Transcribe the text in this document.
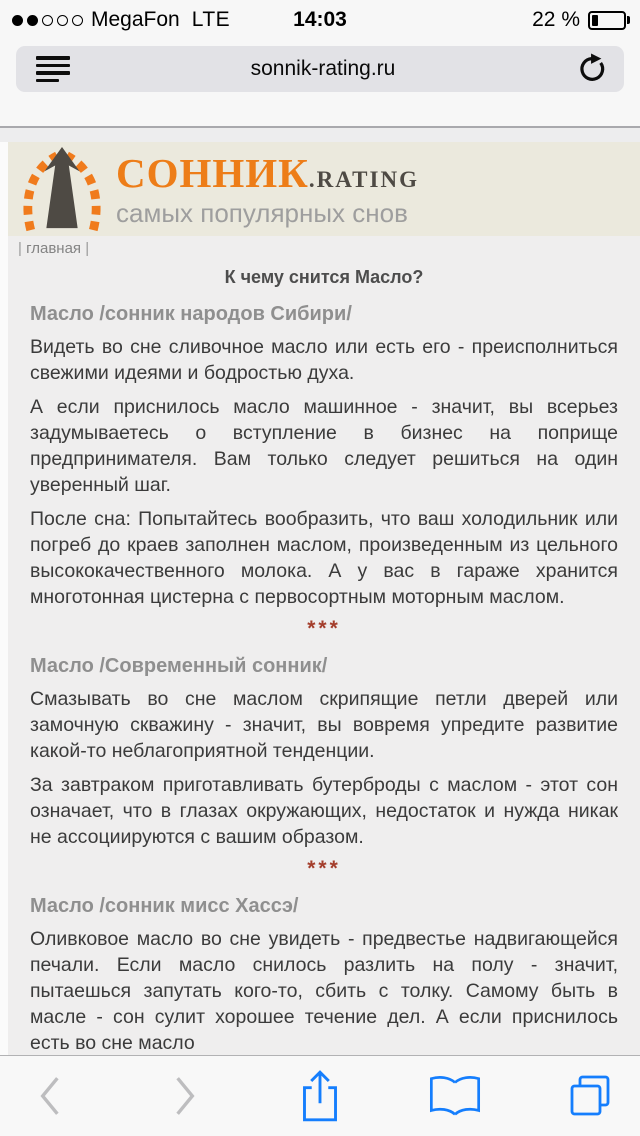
MegaFon LTE	14:03	22 %
sonnik-rating.ru
СОННИК .RATING
самых популярных снов
| главная |
К чему снится Масло?
Масло /сонник народов Сибири/

Видеть во сне сливочное масло или есть его - преисполниться свежими идеями и бодростью духа.

А если приснилось масло машинное - значит, вы всерьез задумываетесь о вступление в бизнес на поприще предпринимателя. Вам только следует решиться на один уверенный шаг.

После сна: Попытайтесь вообразить, что ваш холодильник или погреб до краев заполнен маслом, произведенным из цельного высококачественного молока. А у вас в гараже хранится многотонная цистерна с первосортным моторным маслом.

***
Масло /Современный сонник/

Смазывать во сне маслом скрипящие петли дверей или замочную скважину - значит, вы вовремя упредите развитие какой-то неблагоприятной тенденции.

За завтраком приготавливать бутерброды с маслом - этот сон означает, что в глазах окружающих, недостаток и нужда никак не ассоциируются с вашим образом.

***
Масло /сонник мисс Хассэ/

Оливковое масло во сне увидеть - предвестье надвигающейся печали. Если масло снилось разлить на полу - значит, пытаешься запутать кого-то, сбить с толку. Самому быть в масле - сон сулит хорошее течение дел. А если приснилось есть во сне масло
